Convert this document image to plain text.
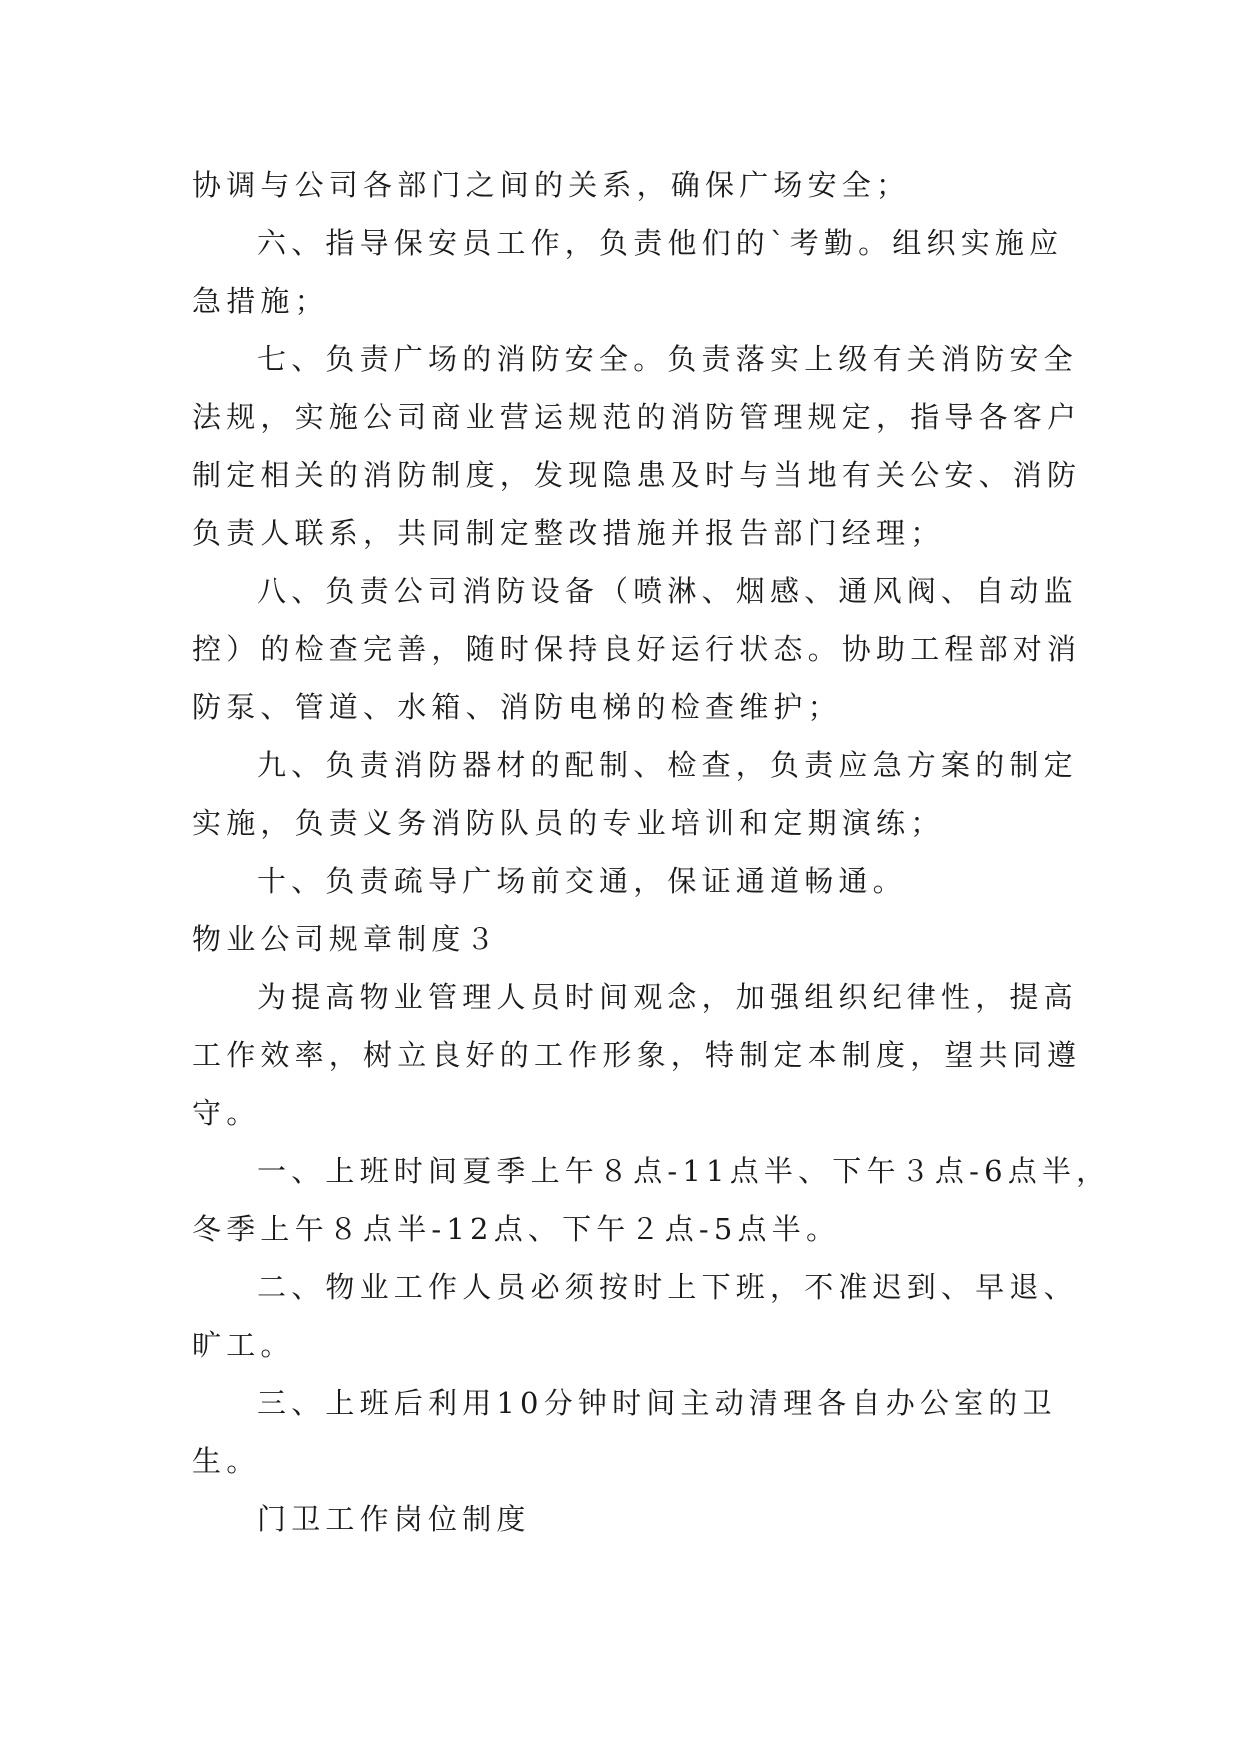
协调与公司各部门之间的关系，确保广场安全；
六、指导保安员工作，负责他们的`考勤。组织实施应
急措施；
七、负责广场的消防安全。负责落实上级有关消防安全
法规，实施公司商业营运规范的消防管理规定，指导各客户
制定相关的消防制度，发现隐患及时与当地有关公安、消防
负责人联系，共同制定整改措施并报告部门经理；
八、负责公司消防设备（喷淋、烟感、通风阀、自动监
控）的检查完善，随时保持良好运行状态。协助工程部对消
防泵、管道、水箱、消防电梯的检查维护；
九、负责消防器材的配制、检查，负责应急方案的制定
实施，负责义务消防队员的专业培训和定期演练；
十、负责疏导广场前交通，保证通道畅通。
物业公司规章制度３
为提高物业管理人员时间观念，加强组织纪律性，提高
工作效率，树立良好的工作形象，特制定本制度，望共同遵
守。
一、上班时间夏季上午８点-11点半、下午３点-6点半，
冬季上午８点半-12点、下午２点-5点半。
二、物业工作人员必须按时上下班，不准迟到、早退、
旷工。
三、上班后利用10分钟时间主动清理各自办公室的卫
生。
门卫工作岗位制度
